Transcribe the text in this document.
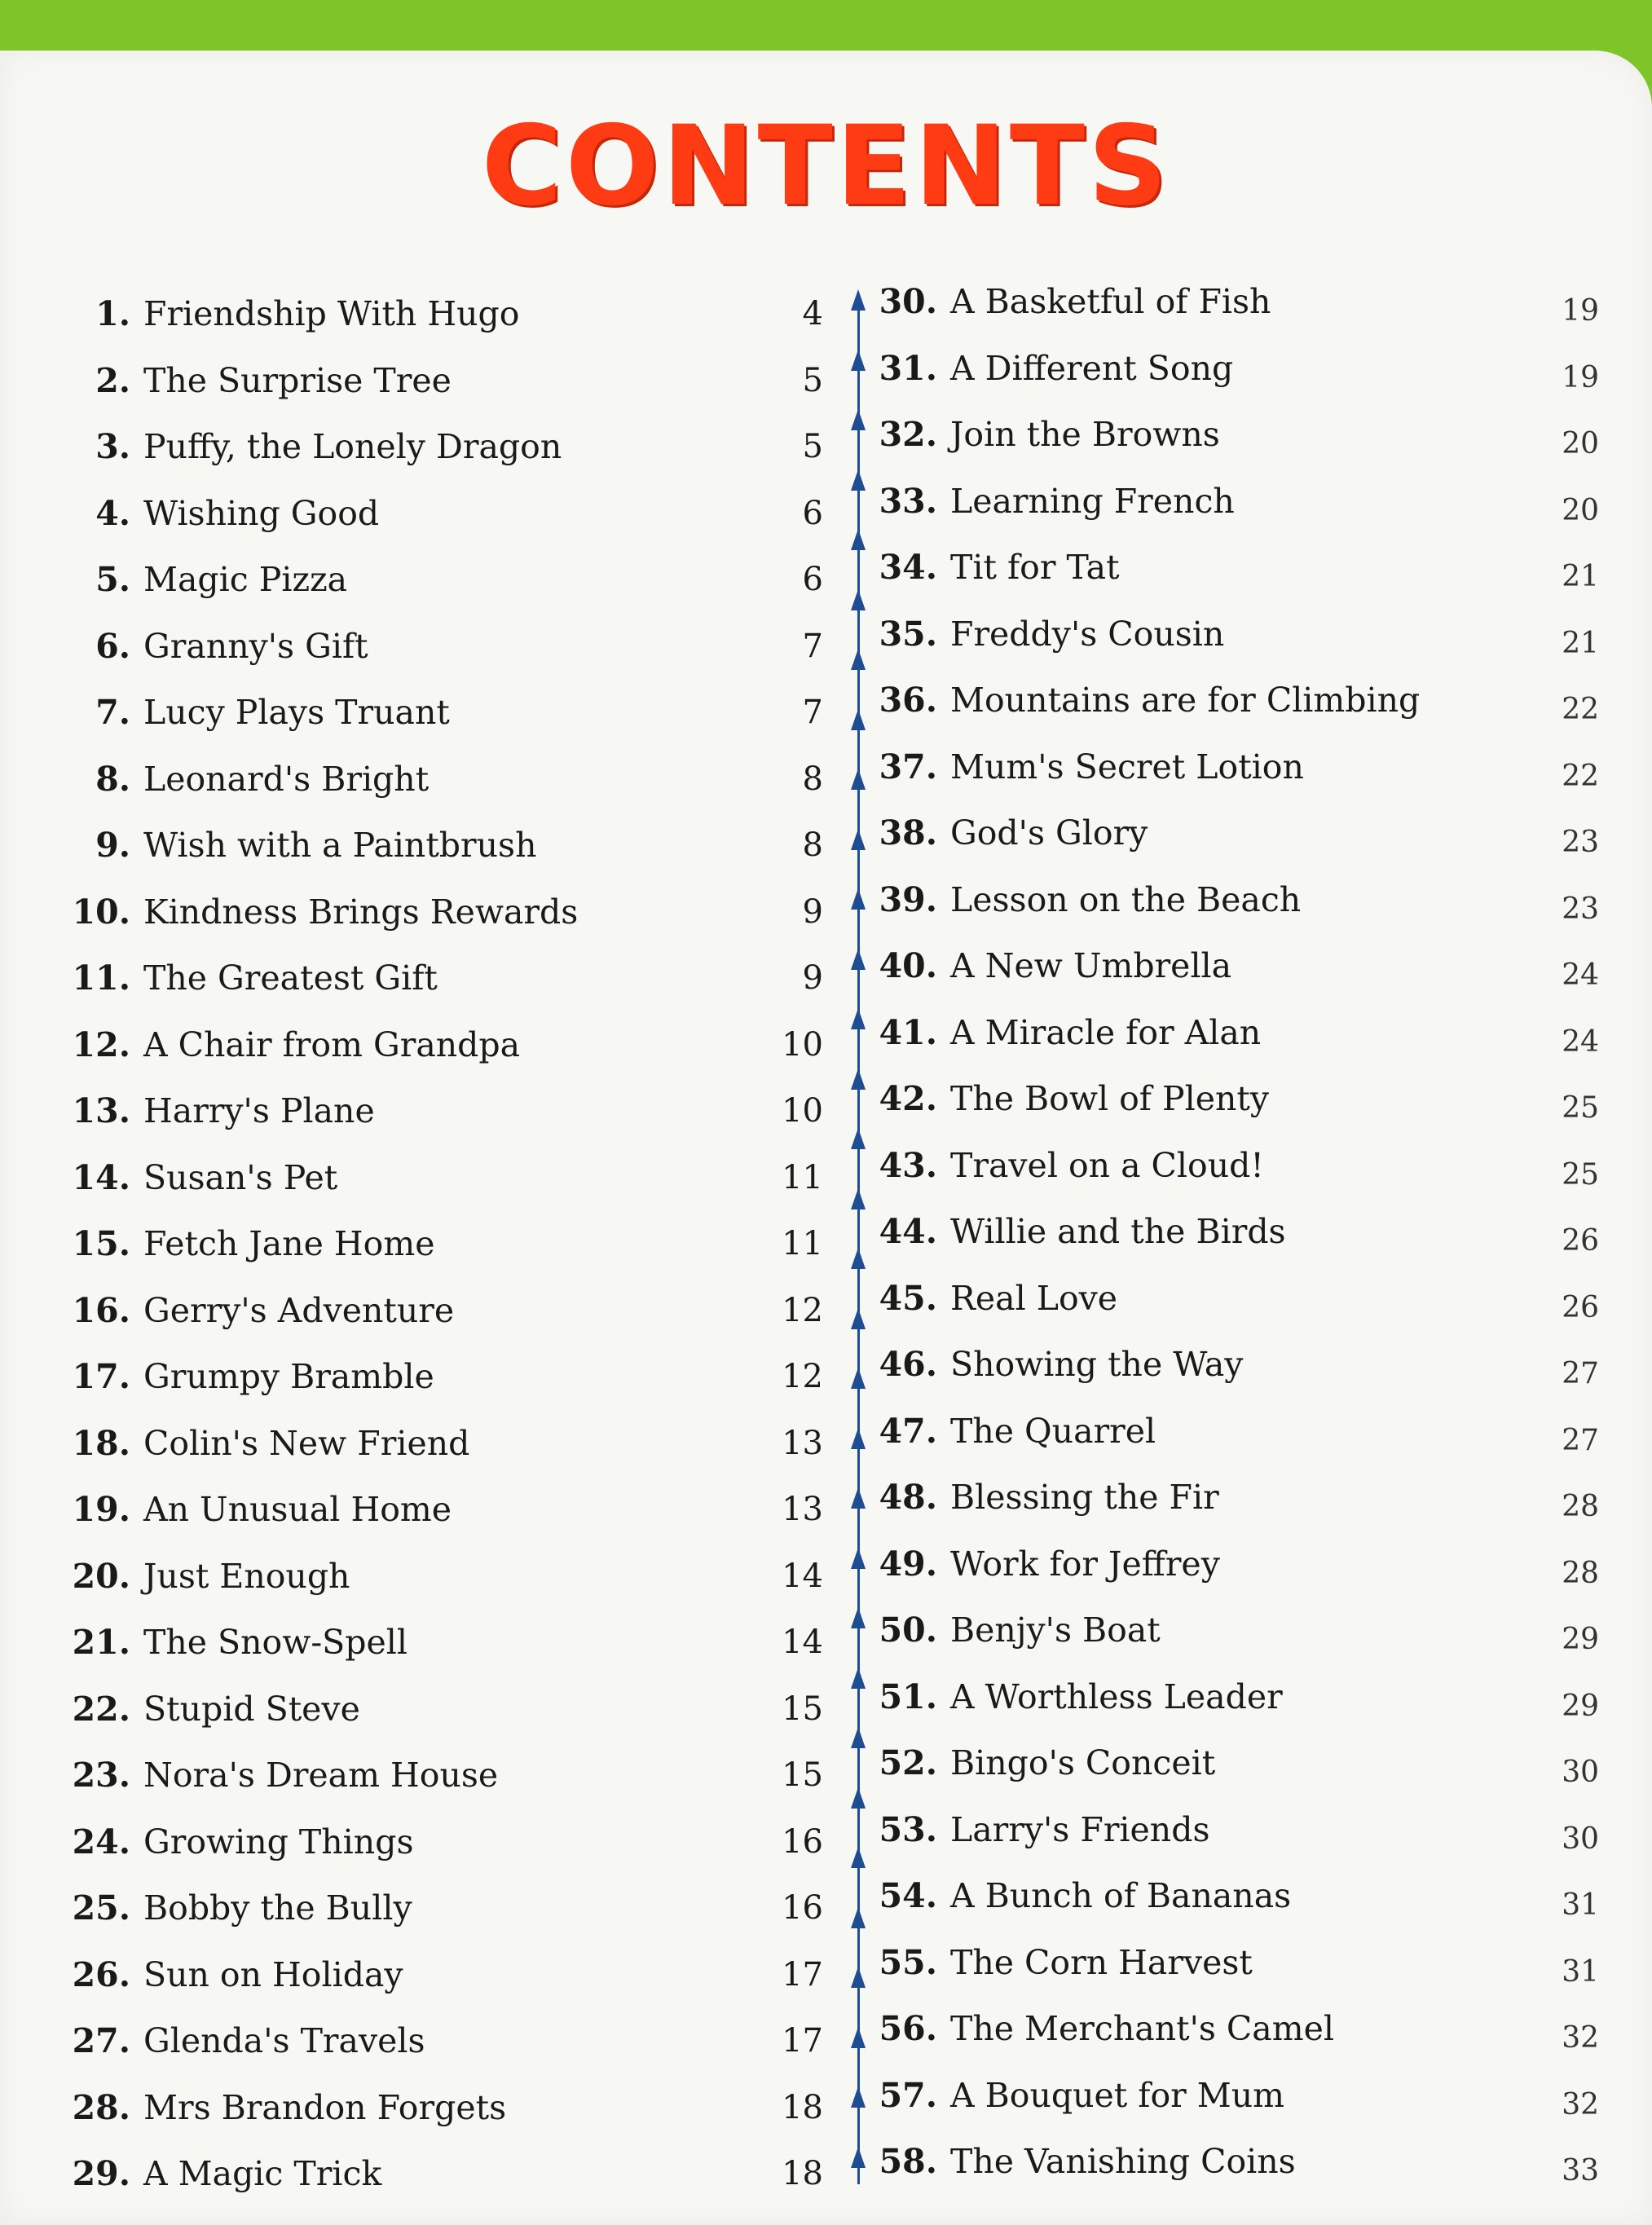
CONTENTS
1. Friendship With Hugo	4
2. The Surprise Tree	5
3. Puffy, the Lonely Dragon	5
4. Wishing Good	6
5. Magic Pizza	6
6. Granny's Gift	7
7. Lucy Plays Truant	7
8. Leonard's Bright	8
9. Wish with a Paintbrush	8
10. Kindness Brings Rewards	9
11. The Greatest Gift	9
12. A Chair from Grandpa	10
13. Harry's Plane	10
14. Susan's Pet	11
15. Fetch Jane Home	11
16. Gerry's Adventure	12
17. Grumpy Bramble	12
18. Colin's New Friend	13
19. An Unusual Home	13
20. Just Enough	14
21. The Snow-Spell	14
22. Stupid Steve	15
23. Nora's Dream House	15
24. Growing Things	16
25. Bobby the Bully	16
26. Sun on Holiday	17
27. Glenda's Travels	17
28. Mrs Brandon Forgets	18
29. A Magic Trick	18
30. A Basketful of Fish	19
31. A Different Song	19
32. Join the Browns	20
33. Learning French	20
34. Tit for Tat	21
35. Freddy's Cousin	21
36. Mountains are for Climbing	22
37. Mum's Secret Lotion	22
38. God's Glory	23
39. Lesson on the Beach	23
40. A New Umbrella	24
41. A Miracle for Alan	24
42. The Bowl of Plenty	25
43. Travel on a Cloud!	25
44. Willie and the Birds	26
45. Real Love	26
46. Showing the Way	27
47. The Quarrel	27
48. Blessing the Fir	28
49. Work for Jeffrey	28
50. Benjy's Boat	29
51. A Worthless Leader	29
52. Bingo's Conceit	30
53. Larry's Friends	30
54. A Bunch of Bananas	31
55. The Corn Harvest	31
56. The Merchant's Camel	32
57. A Bouquet for Mum	32
58. The Vanishing Coins	33
